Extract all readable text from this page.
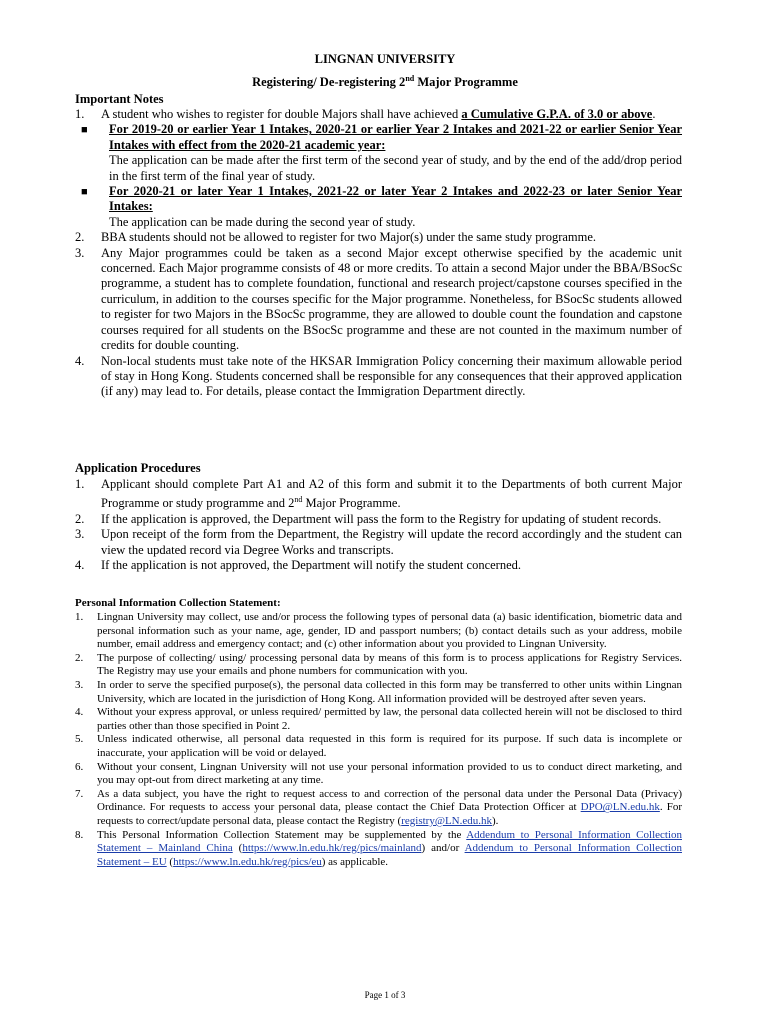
LINGNAN UNIVERSITY
Registering/ De-registering 2nd Major Programme
Important Notes
1. A student who wishes to register for double Majors shall have achieved a Cumulative G.P.A. of 3.0 or above.
■ For 2019-20 or earlier Year 1 Intakes, 2020-21 or earlier Year 2 Intakes and 2021-22 or earlier Senior Year Intakes with effect from the 2020-21 academic year:
The application can be made after the first term of the second year of study, and by the end of the add/drop period in the first term of the final year of study.
■ For 2020-21 or later Year 1 Intakes, 2021-22 or later Year 2 Intakes and 2022-23 or later Senior Year Intakes:
The application can be made during the second year of study.
2. BBA students should not be allowed to register for two Major(s) under the same study programme.
3. Any Major programmes could be taken as a second Major except otherwise specified by the academic unit concerned. Each Major programme consists of 48 or more credits. To attain a second Major under the BBA/BSocSc programme, a student has to complete foundation, functional and research project/capstone courses specified in the curriculum, in addition to the courses specific for the Major programme. Nonetheless, for BSocSc students allowed to register for two Majors in the BSocSc programme, they are allowed to double count the foundation and capstone courses required for all students on the BSocSc programme and these are not counted in the maximum number of credits for double counting.
4. Non-local students must take note of the HKSAR Immigration Policy concerning their maximum allowable period of stay in Hong Kong. Students concerned shall be responsible for any consequences that their approved application (if any) may lead to. For details, please contact the Immigration Department directly.
Application Procedures
1. Applicant should complete Part A1 and A2 of this form and submit it to the Departments of both current Major Programme or study programme and 2nd Major Programme.
2. If the application is approved, the Department will pass the form to the Registry for updating of student records.
3. Upon receipt of the form from the Department, the Registry will update the record accordingly and the student can view the updated record via Degree Works and transcripts.
4. If the application is not approved, the Department will notify the student concerned.
Personal Information Collection Statement:
1. Lingnan University may collect, use and/or process the following types of personal data (a) basic identification, biometric data and personal information such as your name, age, gender, ID and passport numbers; (b) contact details such as your address, mobile number, email address and emergency contact; and (c) other information about you provided to Lingnan University.
2. The purpose of collecting/ using/ processing personal data by means of this form is to process applications for Registry Services. The Registry may use your emails and phone numbers for communication with you.
3. In order to serve the specified purpose(s), the personal data collected in this form may be transferred to other units within Lingnan University, which are located in the jurisdiction of Hong Kong. All information provided will be destroyed after seven years.
4. Without your express approval, or unless required/ permitted by law, the personal data collected herein will not be disclosed to third parties other than those specified in Point 2.
5. Unless indicated otherwise, all personal data requested in this form is required for its purpose. If such data is incomplete or inaccurate, your application will be void or delayed.
6. Without your consent, Lingnan University will not use your personal information provided to us to conduct direct marketing, and you may opt-out from direct marketing at any time.
7. As a data subject, you have the right to request access to and correction of the personal data under the Personal Data (Privacy) Ordinance. For requests to access your personal data, please contact the Chief Data Protection Officer at DPO@LN.edu.hk. For requests to correct/update personal data, please contact the Registry (registry@LN.edu.hk).
8. This Personal Information Collection Statement may be supplemented by the Addendum to Personal Information Collection Statement – Mainland China (https://www.ln.edu.hk/reg/pics/mainland) and/or Addendum to Personal Information Collection Statement – EU (https://www.ln.edu.hk/reg/pics/eu) as applicable.
Page 1 of 3
